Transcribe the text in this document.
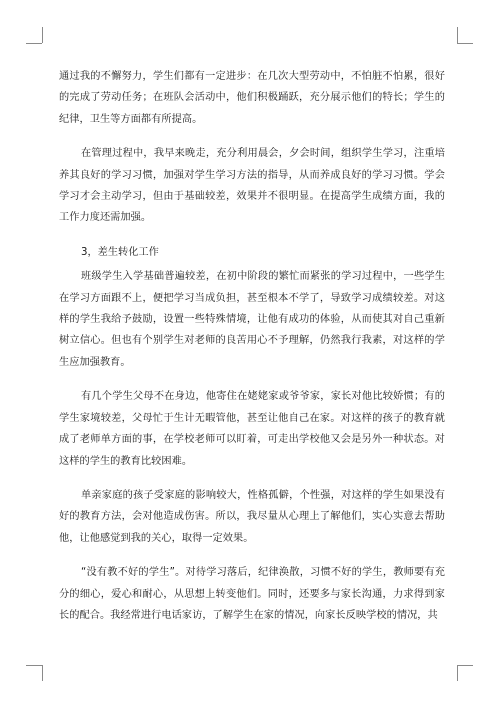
通过我的不懈努力，学生们都有一定进步：在几次大型劳动中，不怕脏不怕累，很好的完成了劳动任务；在班队会活动中，他们积极踊跃，充分展示他们的特长；学生的纪律，卫生等方面都有所提高。

在管理过程中，我早来晚走，充分利用晨会，夕会时间，组织学生学习，注重培养其良好的学习习惯，加强对学生学习方法的指导，从而养成良好的学习习惯。学会学习才会主动学习，但由于基础较差，效果并不很明显。在提高学生成绩方面，我的工作力度还需加强。

3，差生转化工作

班级学生入学基础普遍较差，在初中阶段的繁忙而紧张的学习过程中，一些学生在学习方面跟不上，便把学习当成负担，甚至根本不学了，导致学习成绩较差。对这样的学生我给予鼓励，设置一些特殊情境，让他有成功的体验，从而使其对自己重新树立信心。但也有个别学生对老师的良苦用心不予理解，仍然我行我素，对这样的学生应加强教育。

有几个学生父母不在身边，他寄住在姥姥家或爷爷家，家长对他比较娇惯；有的学生家境较差，父母忙于生计无暇管他，甚至让他自己在家。对这样的孩子的教育就成了老师单方面的事，在学校老师可以盯着，可走出学校他又会是另外一种状态。对这样的学生的教育比较困难。

单亲家庭的孩子受家庭的影响较大，性格孤僻，个性强，对这样的学生如果没有好的教育方法，会对他造成伤害。所以，我尽量从心理上了解他们，实心实意去帮助他，让他感觉到我的关心，取得一定效果。

“没有教不好的学生”。对待学习落后，纪律涣散，习惯不好的学生，教师要有充分的细心，爱心和耐心，从思想上转变他们。同时，还要多与家长沟通，力求得到家长的配合。我经常进行电话家访，了解学生在家的情况，向家长反映学校的情况，共
